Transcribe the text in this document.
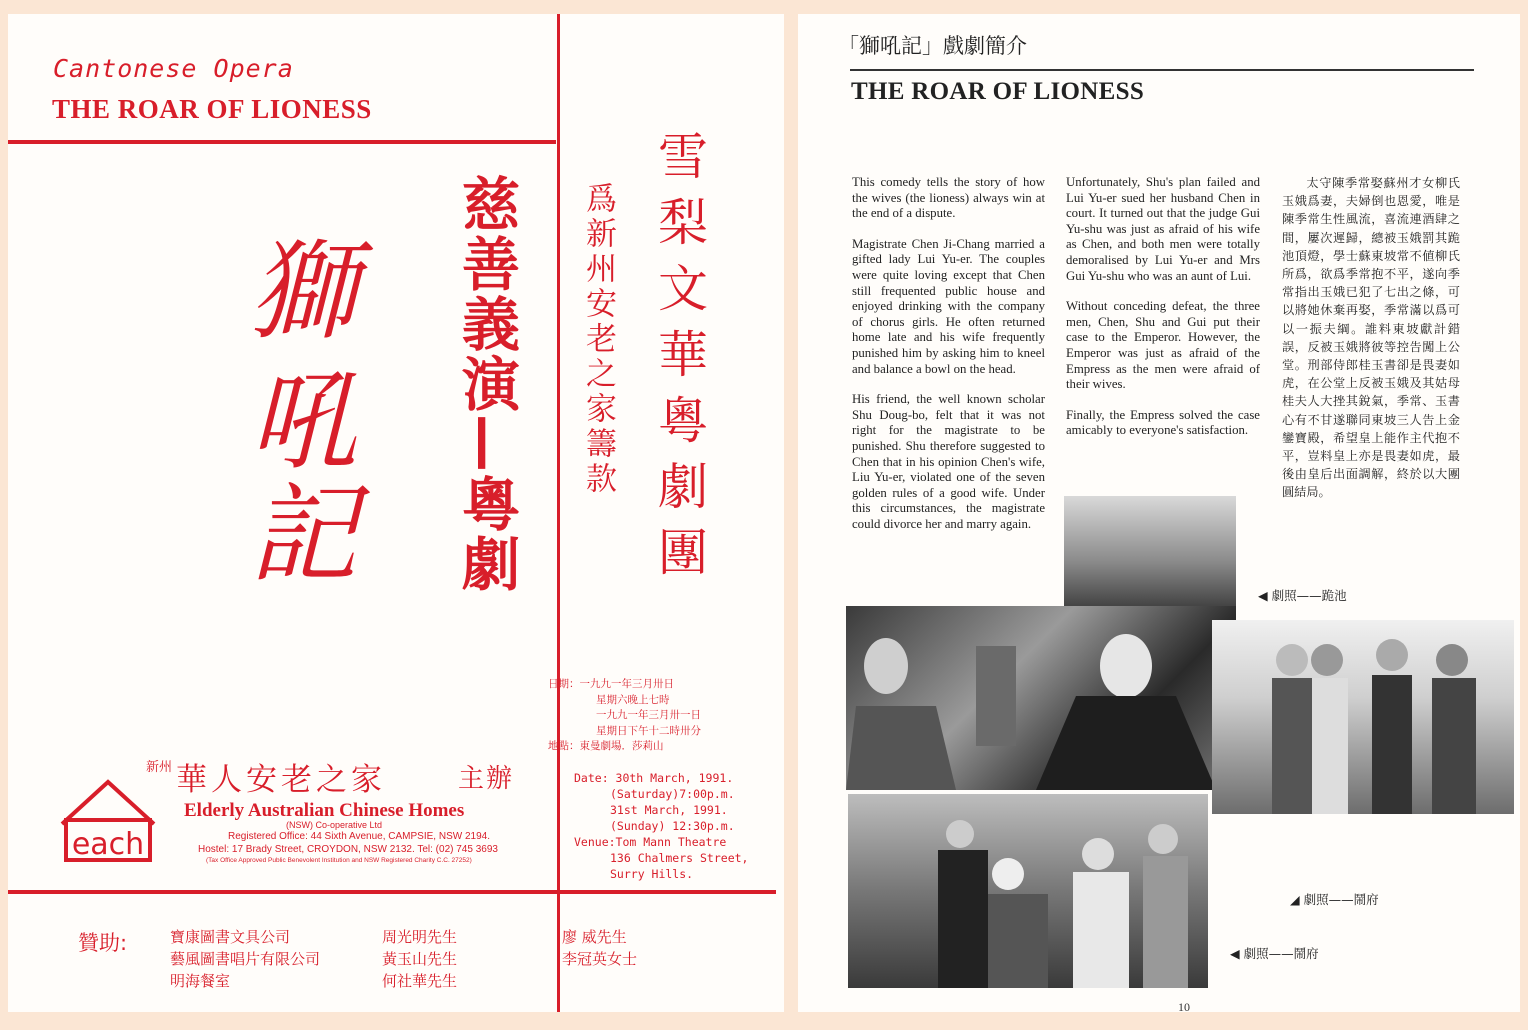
Cantonese Opera
THE ROAR OF LIONESS
獅
吼
記	慈善義演—粵劇	雪梨文華粵劇團
爲新州安老之家籌款
日期：一九九一年三月卅日
星期六晚上七時
一九九一年三月卅一日
星期日下午十二時卅分
地點：東曼劇場．莎莉山
Date: 30th March, 1991.
(Saturday)7:00p.m.
31st March, 1991.
(Sunday) 12:30p.m.
Venue:Tom Mann Theatre
136 Chalmers Street,
Surry Hills.
each
新州 華人安老之家	主辦
Elderly Australian Chinese Homes
(NSW) Co-operative Ltd
Registered Office: 44 Sixth Avenue, CAMPSIE, NSW 2194.
Hostel: 17 Brady Street, CROYDON, NSW 2132. Tel: (02) 745 3693
(Tax Office Approved Public Benevolent Institution and NSW Registered Charity C.C. 27252)
贊助:	寶康圖書文具公司
藝風圖書唱片有限公司
明海餐室
周光明先生
黃玉山先生
何社華先生
廖 威先生
李冠英女士
「獅吼記」戲劇簡介
THE ROAR OF LIONESS

This comedy tells the story of how the wives (the lioness) always win at the end of a dispute.

Magistrate Chen Ji-Chang married a gifted lady Lui Yu-er. The couples were quite loving except that Chen still frequented public house and enjoyed drinking with the company of chorus girls. He often returned home late and his wife frequently punished him by asking him to kneel and balance a bowl on the head.

His friend, the well known scholar Shu Doug-bo, felt that it was not right for the magistrate to be punished. Shu therefore suggested to Chen that in his opinion Chen's wife, Liu Yu-er, violated one of the seven golden rules of a good wife. Under this circumstances, the magistrate could divorce her and marry again.

Unfortunately, Shu's plan failed and Lui Yu-er sued her husband Chen in court. It turned out that the judge Gui Yu-shu was just as afraid of his wife as Chen, and both men were totally demoralised by Lui Yu-er and Mrs Gui Yu-shu who was an aunt of Lui.

Without conceding defeat, the three men, Chen, Shu and Gui put their case to the Emperor. However, the Emperor was just as afraid of the Empress as the men were afraid of their wives.

Finally, the Empress solved the case amicably to everyone's satisfaction.

太守陳季常娶蘇州才女柳氏玉娥爲妻，夫婦倒也恩愛，唯是陳季常生性風流，喜流連酒肆之間，屢次遲歸，總被玉娥罰其跪池頂燈，學士蘇東坡常不値柳氏所爲，欲爲季常抱不平，遂向季常指出玉娥已犯了七出之條，可以將她休棄再娶，季常滿以爲可以一振夫綱。誰料東坡獻計錯誤，反被玉娥將彼等控告闖上公堂。刑部侍郎桂玉書卻是畏妻如虎，在公堂上反被玉娥及其姑母桂夫人大挫其銳氣，季常、玉書心有不甘遂聯同東坡三人告上金鑾寶殿，希望皇上能作主代抱不平，豈料皇上亦是畏妻如虎，最後由皇后出面調解，終於以大團圓結局。
◀ 劇照——跪池
◢ 劇照——鬧府
◀ 劇照——鬧府
10
